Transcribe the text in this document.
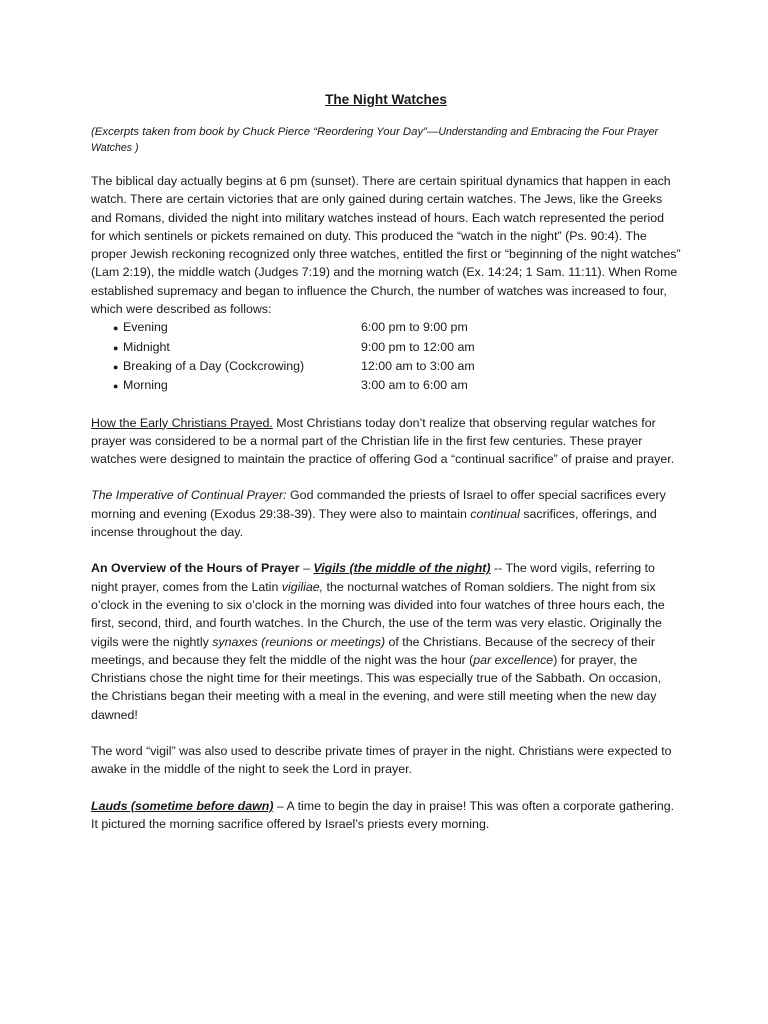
The Night Watches
(Excerpts taken from book by Chuck Pierce “Reordering Your Day”—Understanding and Embracing the Four Prayer Watches )

The biblical day actually begins at 6 pm (sunset). There are certain spiritual dynamics that happen in each watch. There are certain victories that are only gained during certain watches. The Jews, like the Greeks and Romans, divided the night into military watches instead of hours. Each watch represented the period for which sentinels or pickets remained on duty. This produced the “watch in the night” (Ps. 90:4). The proper Jewish reckoning recognized only three watches, entitled the first or “beginning of the night watches” (Lam 2:19), the middle watch (Judges 7:19) and the morning watch (Ex. 14:24; 1 Sam. 11:11). When Rome established supremacy and began to influence the Church, the number of watches was increased to four, which were described as follows:

● Evening	6:00 pm to 9:00 pm
● Midnight	9:00 pm to 12:00 am
● Breaking of a Day (Cockcrowing)	12:00 am to 3:00 am
● Morning	3:00 am to 6:00 am

How the Early Christians Prayed. Most Christians today don’t realize that observing regular watches for prayer was considered to be a normal part of the Christian life in the first few centuries. These prayer watches were designed to maintain the practice of offering God a “continual sacrifice” of praise and prayer.

The Imperative of Continual Prayer: God commanded the priests of Israel to offer special sacrifices every morning and evening (Exodus 29:38-39). They were also to maintain continual sacrifices, offerings, and incense throughout the day.

An Overview of the Hours of Prayer – Vigils (the middle of the night) -- The word vigils, referring to night prayer, comes from the Latin vigiliae, the nocturnal watches of Roman soldiers. The night from six o’clock in the evening to six o’clock in the morning was divided into four watches of three hours each, the first, second, third, and fourth watches. In the Church, the use of the term was very elastic. Originally the vigils were the nightly synaxes (reunions or meetings) of the Christians. Because of the secrecy of their meetings, and because they felt the middle of the night was the hour (par excellence) for prayer, the Christians chose the night time for their meetings. This was especially true of the Sabbath. On occasion, the Christians began their meeting with a meal in the evening, and were still meeting when the new day dawned!

The word “vigil” was also used to describe private times of prayer in the night. Christians were expected to awake in the middle of the night to seek the Lord in prayer.

Lauds (sometime before dawn) – A time to begin the day in praise! This was often a corporate gathering. It pictured the morning sacrifice offered by Israel’s priests every morning.
